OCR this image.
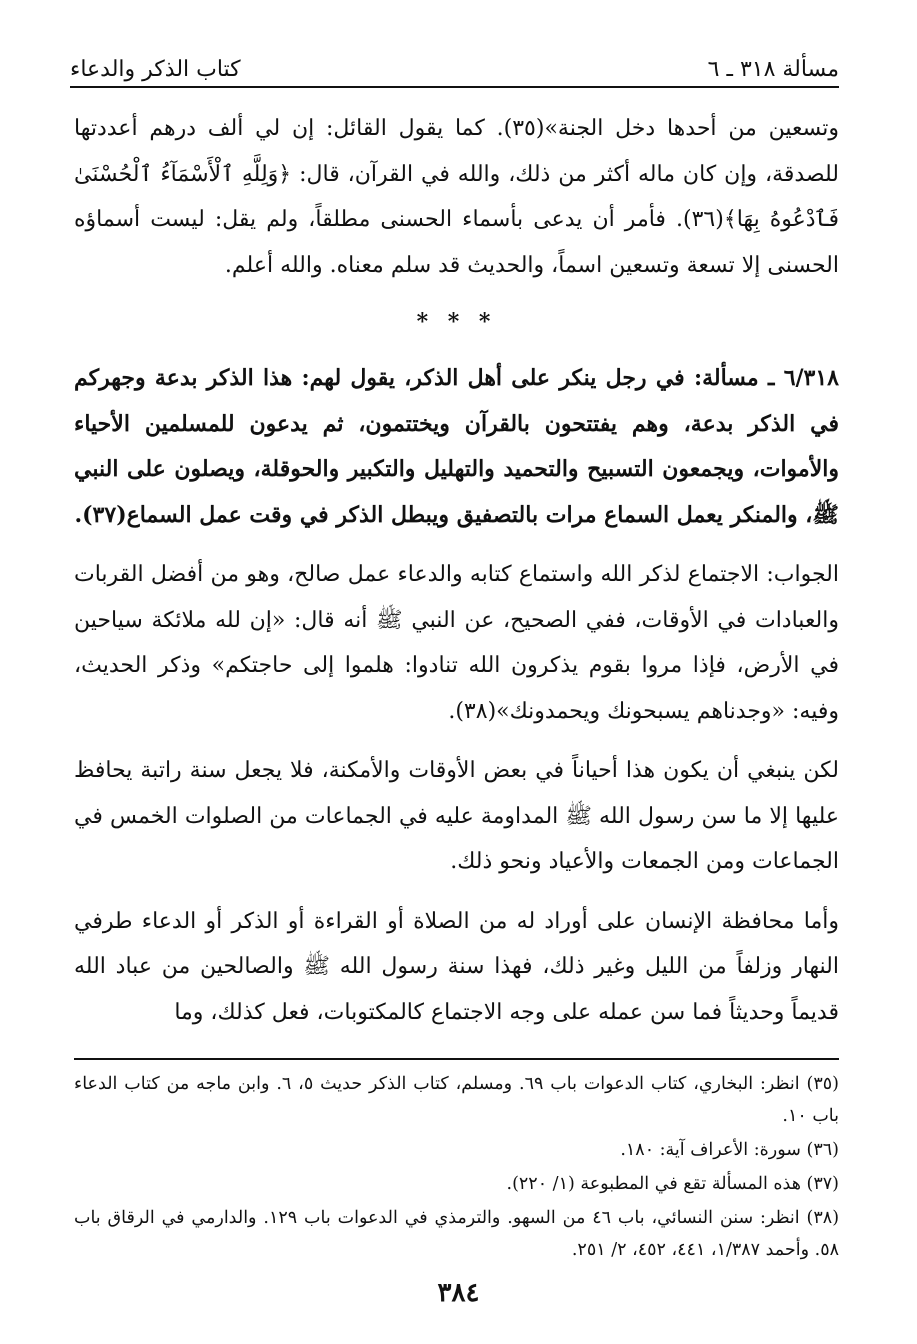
كتاب الذكر والدعاء	مسألة ٣١٨ ـ ٦

وتسعين من أحدها دخل الجنة»(٣٥). كما يقول القائل: إن لي ألف درهم أعددتها للصدقة، وإن كان ماله أكثر من ذلك، والله في القرآن، قال: ﴿وَلِلَّهِ ٱلْأَسْمَآءُ ٱلْحُسْنَىٰ فَٱدْعُوهُ بِهَا﴾(٣٦). فأمر أن يدعى بأسماء الحسنى مطلقاً، ولم يقل: ليست أسماؤه الحسنى إلا تسعة وتسعين اسماً، والحديث قد سلم معناه. والله أعلم.

* * *

٦/٣١٨ ـ مسألة: في رجل ينكر على أهل الذكر، يقول لهم: هذا الذكر بدعة وجهركم في الذكر بدعة، وهم يفتتحون بالقرآن ويختتمون، ثم يدعون للمسلمين الأحياء والأموات، ويجمعون التسبيح والتحميد والتهليل والتكبير والحوقلة، ويصلون على النبي ﷺ، والمنكر يعمل السماع مرات بالتصفيق ويبطل الذكر في وقت عمل السماع(٣٧).

الجواب: الاجتماع لذكر الله واستماع كتابه والدعاء عمل صالح، وهو من أفضل القربات والعبادات في الأوقات، ففي الصحيح، عن النبي ﷺ أنه قال: «إن لله ملائكة سياحين في الأرض، فإذا مروا بقوم يذكرون الله تنادوا: هلموا إلى حاجتكم» وذكر الحديث، وفيه: «وجدناهم يسبحونك ويحمدونك»(٣٨).

لكن ينبغي أن يكون هذا أحياناً في بعض الأوقات والأمكنة، فلا يجعل سنة راتبة يحافظ عليها إلا ما سن رسول الله ﷺ المداومة عليه في الجماعات من الصلوات الخمس في الجماعات ومن الجمعات والأعياد ونحو ذلك.

وأما محافظة الإنسان على أوراد له من الصلاة أو القراءة أو الذكر أو الدعاء طرفي النهار وزلفاً من الليل وغير ذلك، فهذا سنة رسول الله ﷺ والصالحين من عباد الله قديماً وحديثاً فما سن عمله على وجه الاجتماع كالمكتوبات، فعل كذلك، وما

(٣٥) انظر: البخاري، كتاب الدعوات باب ٦٩. ومسلم، كتاب الذكر حديث ٥، ٦. وابن ماجه من كتاب الدعاء باب ١٠.
(٣٦) سورة: الأعراف آية: ١٨٠.
(٣٧) هذه المسألة تقع في المطبوعة (١/ ٢٢٠).
(٣٨) انظر: سنن النسائي، باب ٤٦ من السهو. والترمذي في الدعوات باب ١٢٩. والدارمي في الرقاق باب ٥٨. وأحمد ١/٣٨٧، ٤٤١، ٤٥٢، ٢/ ٢٥١.
٣٨٤
